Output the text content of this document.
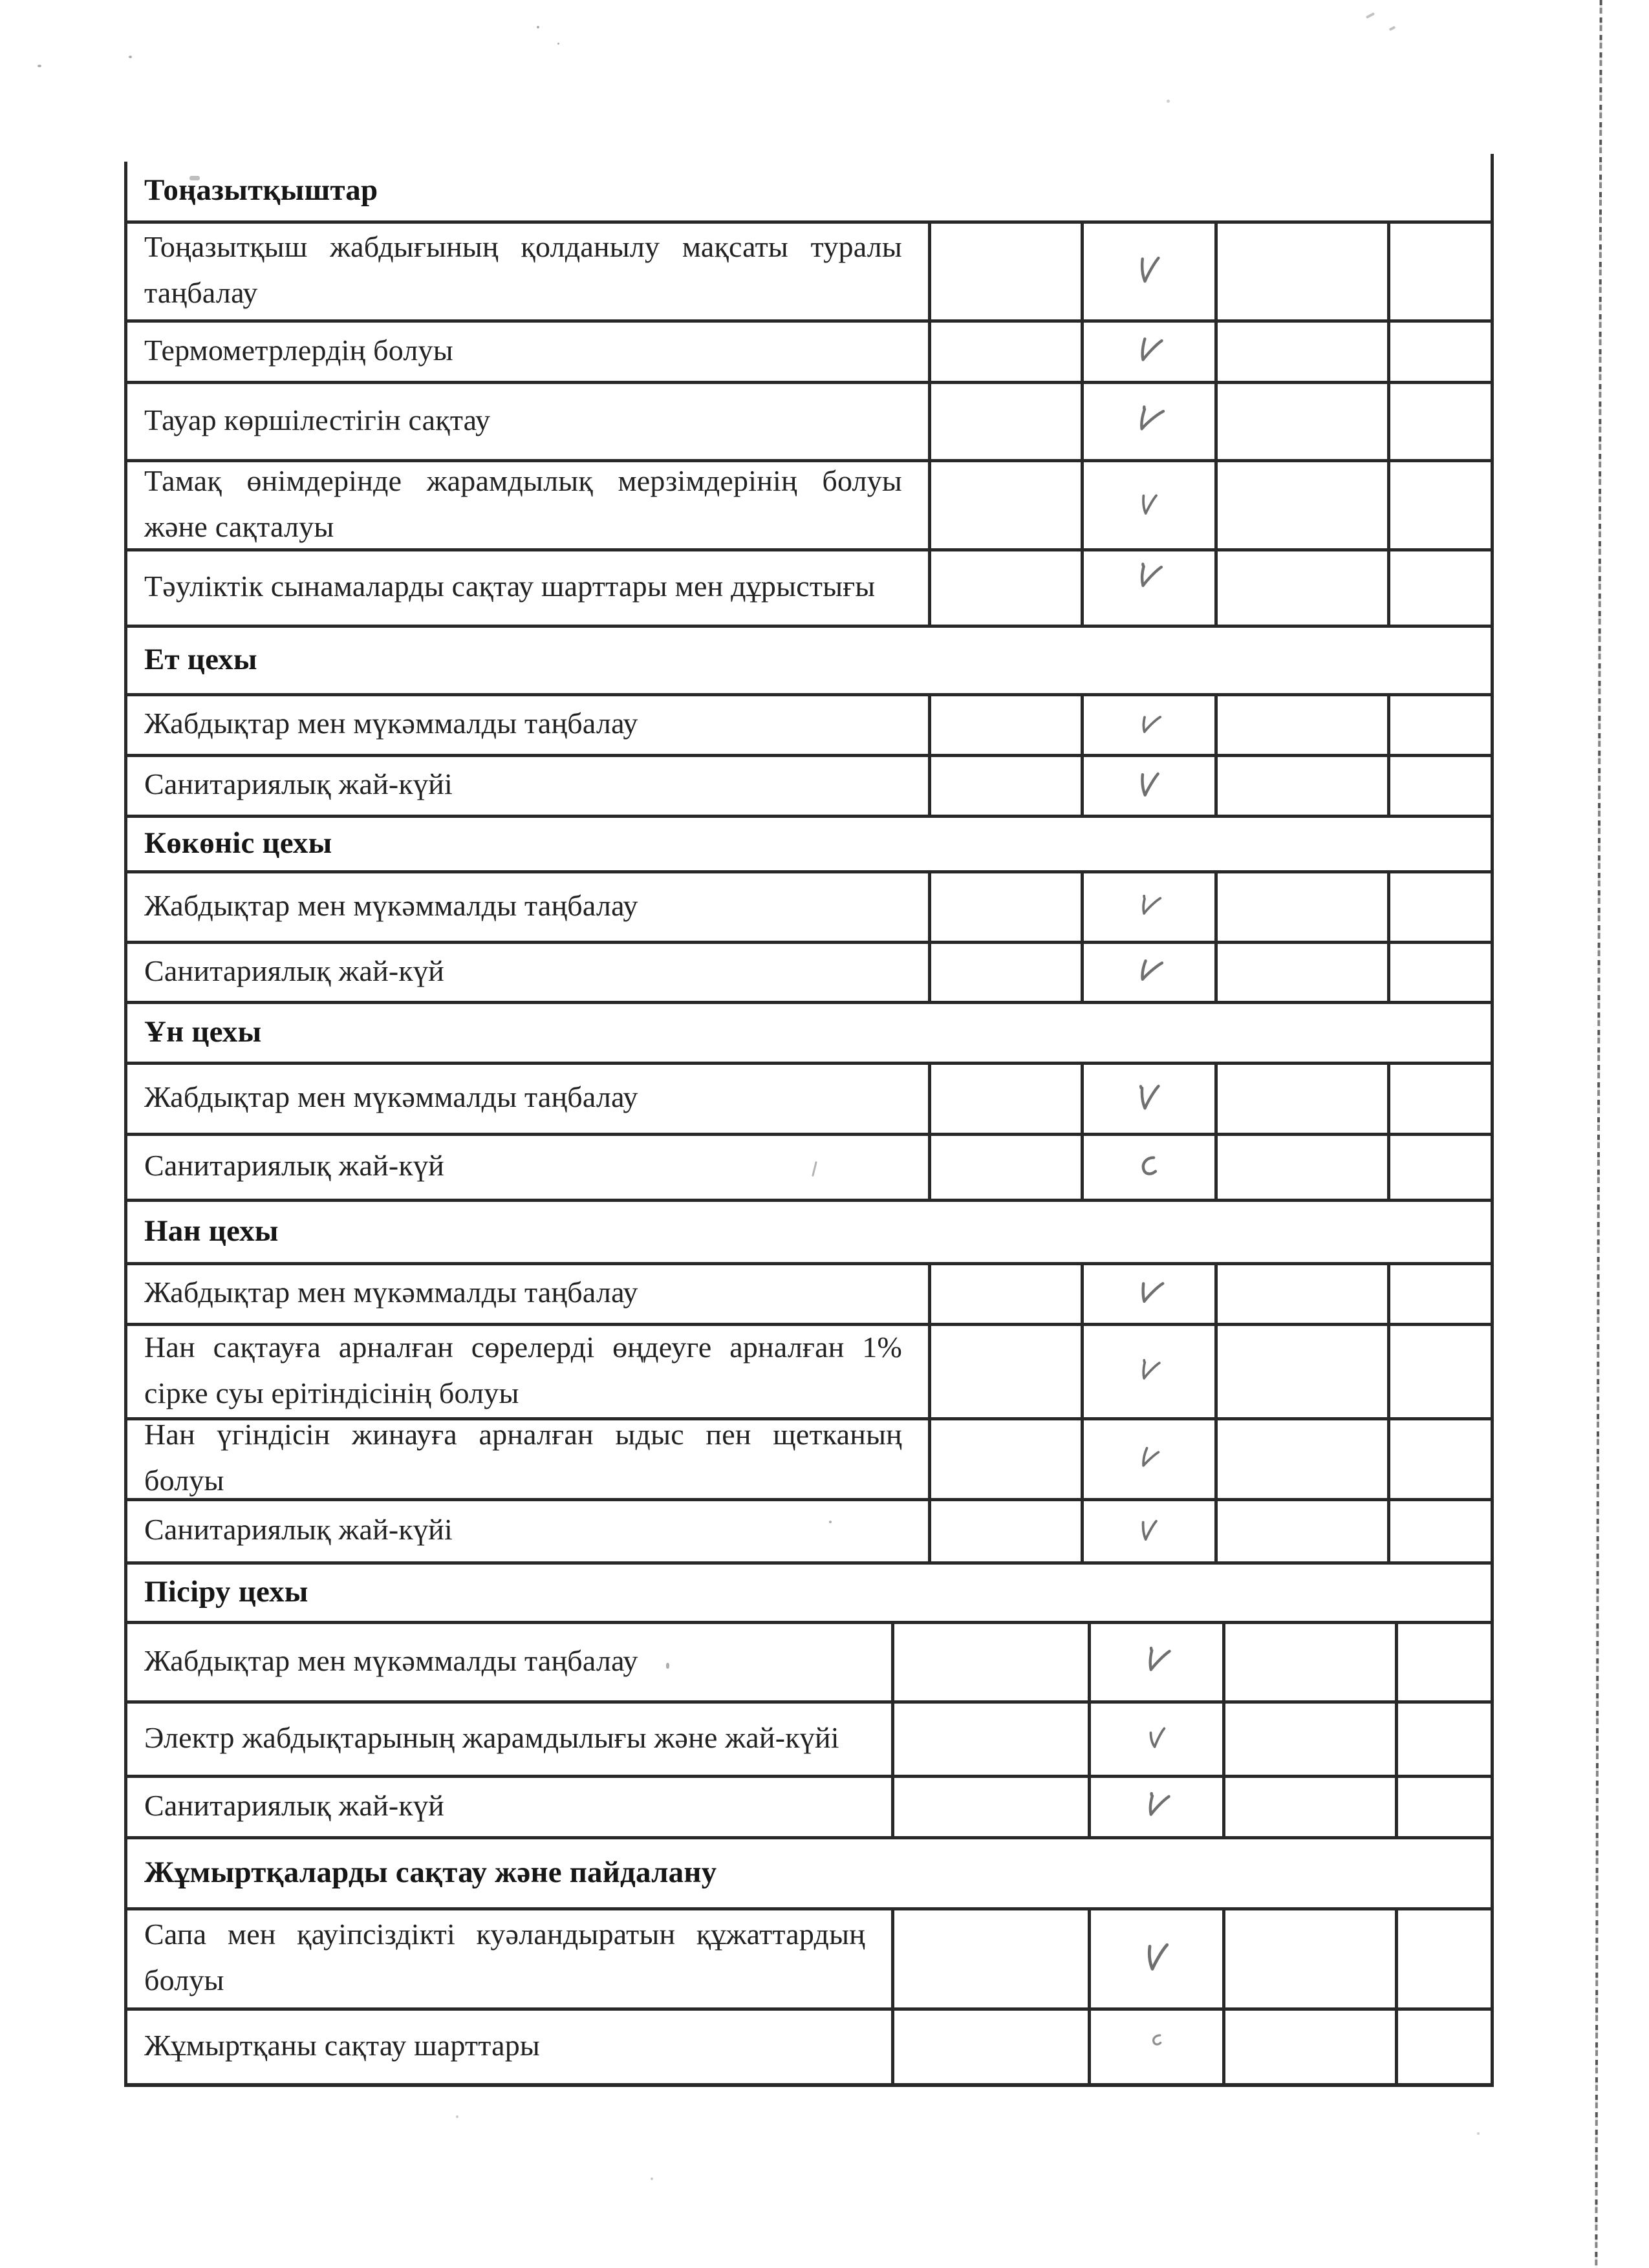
Тоңазытқыштар
Тоңазытқыш жабдығының қолданылу мақсаты туралы таңбалау
Термометрлердің болуы
Тауар көршілестігін сақтау
Тамақ өнімдерінде жарамдылық мерзімдерінің болуы және сақталуы
Тәуліктік сынамаларды сақтау шарттары мен дұрыстығы
Ет цехы
Жабдықтар мен мүкәммалды таңбалау
Санитариялық жай-күйі
Көкөніс цехы
Жабдықтар мен мүкәммалды таңбалау
Санитариялық жай-күй
Ұн цехы
Жабдықтар мен мүкәммалды таңбалау
Санитариялық жай-күй
Нан цехы
Жабдықтар мен мүкәммалды таңбалау
Нан сақтауға арналған сөрелерді өңдеуге арналған 1% сірке суы ерітіндісінің болуы
Нан үгіндісін жинауға арналған ыдыс пен щетканың болуы
Санитариялық жай-күйі
Пісіру цехы
Жабдықтар мен мүкәммалды таңбалау
Электр жабдықтарының жарамдылығы және жай-күйі
Санитариялық жай-күй
Жұмыртқаларды сақтау және пайдалану
Сапа мен қауіпсіздікті куәландыратын құжаттардың болуы
Жұмыртқаны сақтау шарттары
